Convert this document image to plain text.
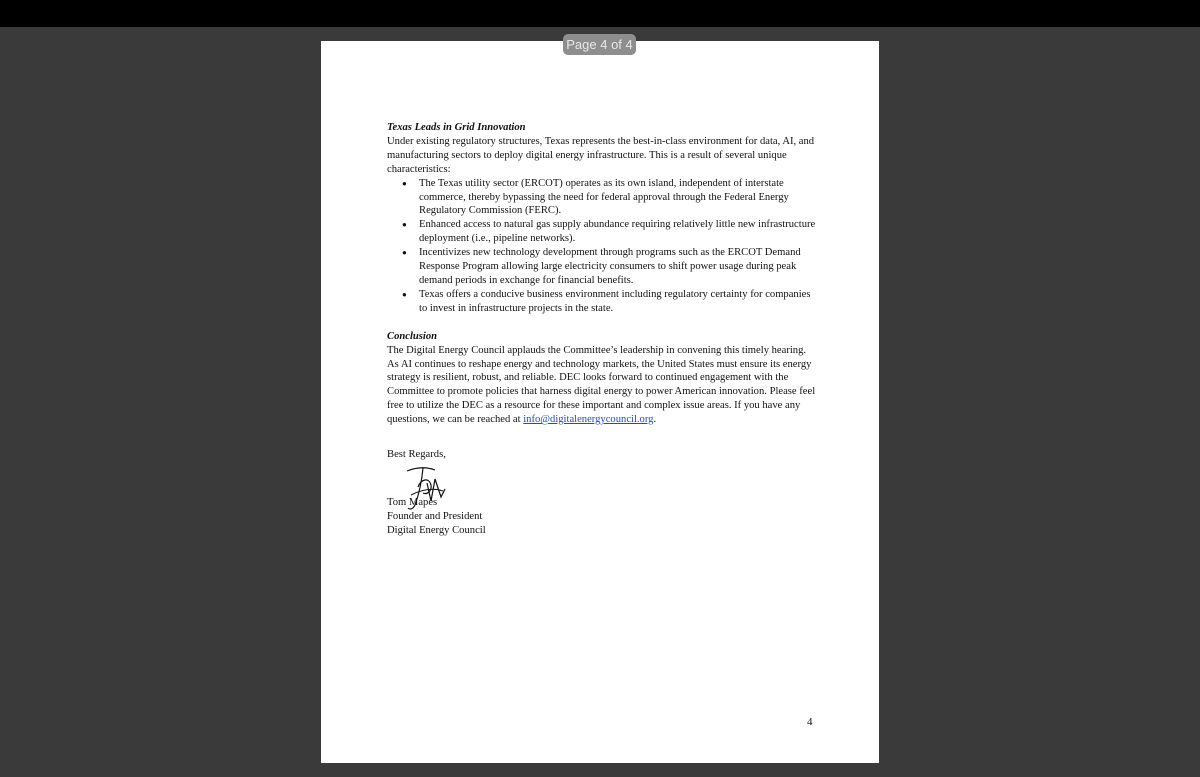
Page 4 of 4

Texas Leads in Grid Innovation

Under existing regulatory structures, Texas represents the best-in-class environment for data, AI, and manufacturing sectors to deploy digital energy infrastructure. This is a result of several unique characteristics:

● The Texas utility sector (ERCOT) operates as its own island, independent of interstate commerce, thereby bypassing the need for federal approval through the Federal Energy Regulatory Commission (FERC).
● Enhanced access to natural gas supply abundance requiring relatively little new infrastructure deployment (i.e., pipeline networks).
● Incentivizes new technology development through programs such as the ERCOT Demand Response Program allowing large electricity consumers to shift power usage during peak demand periods in exchange for financial benefits.
● Texas offers a conducive business environment including regulatory certainty for companies to invest in infrastructure projects in the state.

Conclusion

The Digital Energy Council applauds the Committee’s leadership in convening this timely hearing. As AI continues to reshape energy and technology markets, the United States must ensure its energy strategy is resilient, robust, and reliable. DEC looks forward to continued engagement with the Committee to promote policies that harness digital energy to power American innovation. Please feel free to utilize the DEC as a resource for these important and complex issue areas. If you have any questions, we can be reached at info@digitalenergycouncil.org.

Best Regards,

Tom Mapes

Founder and President

Digital Energy Council

4
